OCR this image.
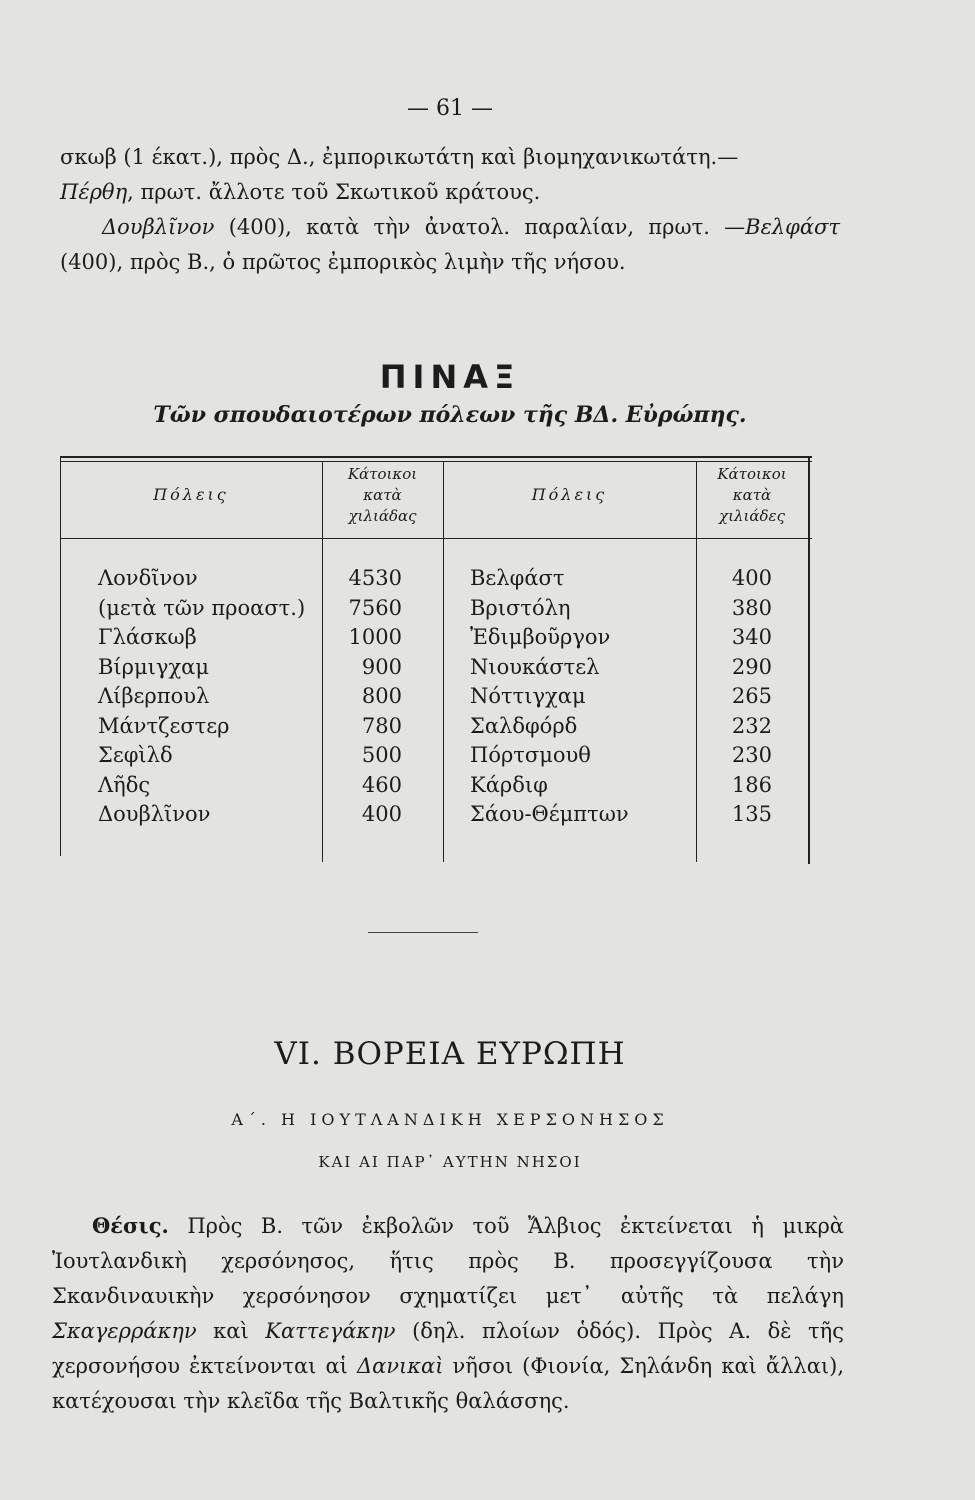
— 61 —

σκωβ (1 έκατ.), πρὸς Δ., ἐμπορικωτάτη καὶ βιομηχανικωτάτη.—

Πέρθη, πρωτ. ἄλλοτε τοῦ Σκωτικοῦ κράτους.

Δουβλῖνον (400), κατὰ τὴν ἀνατολ. παραλίαν, πρωτ. —Βελφάστ (400), πρὸς Β., ὁ πρῶτος ἐμπορικὸς λιμὴν τῆς νήσου.

ΠΙΝΑΞ
Τῶν σπουδαιοτέρων πόλεων τῆς ΒΔ. Εὐρώπης.
Πόλεις
Κάτοικοι
κατὰ
χιλιάδας
Πόλεις
Κάτοικοι
κατὰ
χιλιάδες
Λονδῖνον
(μετὰ τῶν προαστ.)
Γλάσκωβ
Βίρμιγχαμ
Λίβερπουλ
Μάντζεστερ
Σεφὶλδ
Λῆδς
Δουβλῖνον
4530
7560
1000
900
800
780
500
460
400
Βελφάστ
Βριστόλη
Ἐδιμβοῦργον
Νιουκάστελ
Νόττιγχαμ
Σαλδφόρδ
Πόρτσμουθ
Κάρδιφ
Σάου-Θέμπτων
400
380
340
290
265
232
230
186
135
VI. ΒΟΡΕΙΑ ΕΥΡΩΠΗ
Α΄. Η ΙΟΥΤΛΑΝΔΙΚΗ ΧΕΡΣΟΝΗΣΟΣ
ΚΑΙ ΑΙ ΠΑΡ᾽ ΑΥΤΗΝ ΝΗΣΟΙ
Θέσις. Πρὸς Β. τῶν ἐκβολῶν τοῦ Ἄλβιος ἐκτείνεται ἡ μικρὰ Ἰουτλανδικὴ χερσόνησος, ἥτις πρὸς Β. προσεγγίζουσα τὴν Σκανδιναυικὴν χερσόνησον σχηματίζει μετ᾽ αὐτῆς τὰ πελάγη Σκαγερράκην καὶ Καττεγάκην (δηλ. πλοίων ὁδός). Πρὸς Α. δὲ τῆς χερσονήσου ἐκτείνονται αἱ Δανικαὶ νῆσοι (Φιονία, Σηλάνδη καὶ ἄλλαι), κατέχουσαι τὴν κλεῖδα τῆς Βαλτικῆς θαλάσσης.
